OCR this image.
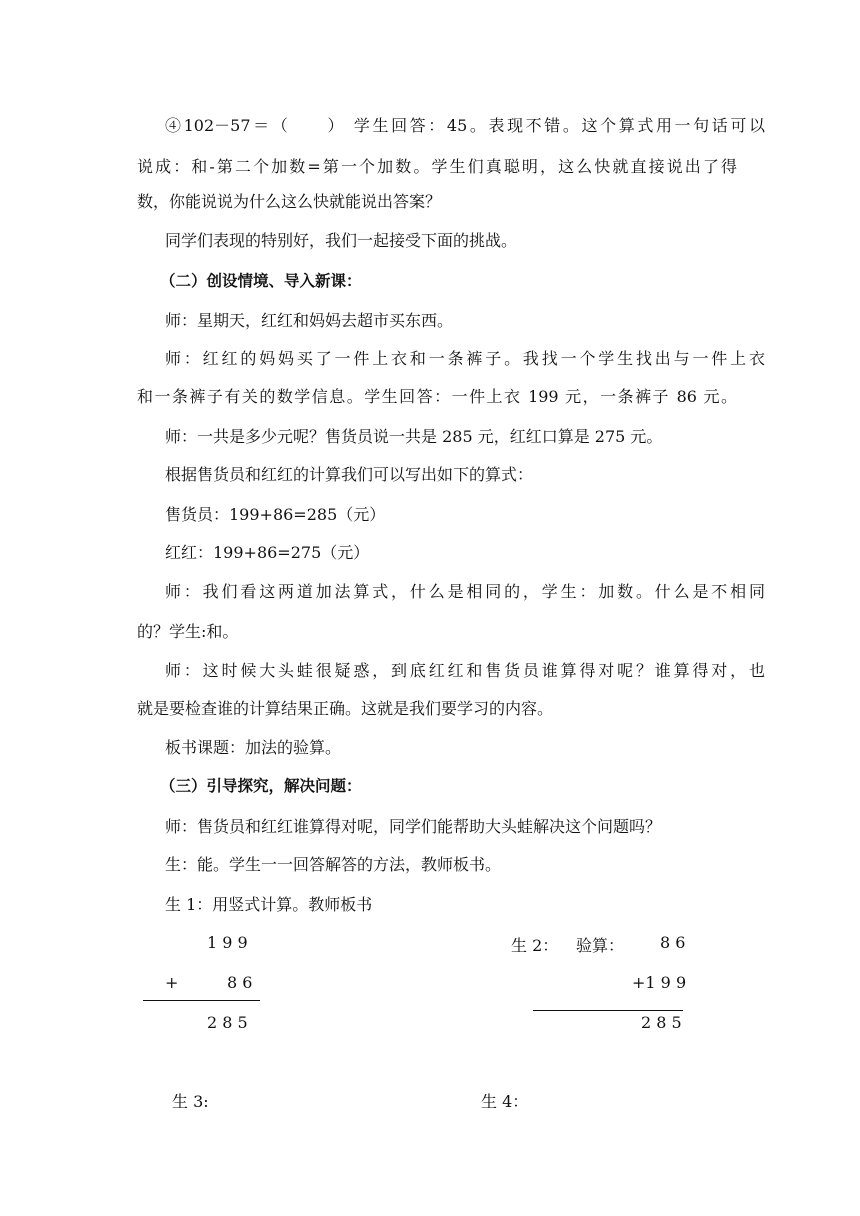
④102－57＝（　　） 学生回答：45。表现不错。这个算式用一句话可以
说成：和-第二个加数=第一个加数。学生们真聪明，这么快就直接说出了得
数，你能说说为什么这么快就能说出答案？
同学们表现的特别好，我们一起接受下面的挑战。
（二）创设情境、导入新课：
师：星期天，红红和妈妈去超市买东西。
师：红红的妈妈买了一件上衣和一条裤子。我找一个学生找出与一件上衣
和一条裤子有关的数学信息。学生回答：一件上衣 199 元，一条裤子 86 元。
师：一共是多少元呢？售货员说一共是 285 元，红红口算是 275 元。
根据售货员和红红的计算我们可以写出如下的算式：
售货员：199+86=285（元）
红红：199+86=275（元）
师：我们看这两道加法算式，什么是相同的，学生：加数。什么是不相同
的？学生:和。
师：这时候大头蛙很疑惑，到底红红和售货员谁算得对呢？谁算得对，也
就是要检查谁的计算结果正确。这就是我们要学习的内容。
板书课题：加法的验算。
（三）引导探究，解决问题：
师：售货员和红红谁算得对呢，同学们能帮助大头蛙解决这个问题吗？
生：能。学生一一回答解答的方法，教师板书。
生 1：用竖式计算。教师板书
1 9 9
+	8 6
2 8 5
生 2： 验算： 8 6
+1 9 9
2 8 5
生 3:	生 4：
